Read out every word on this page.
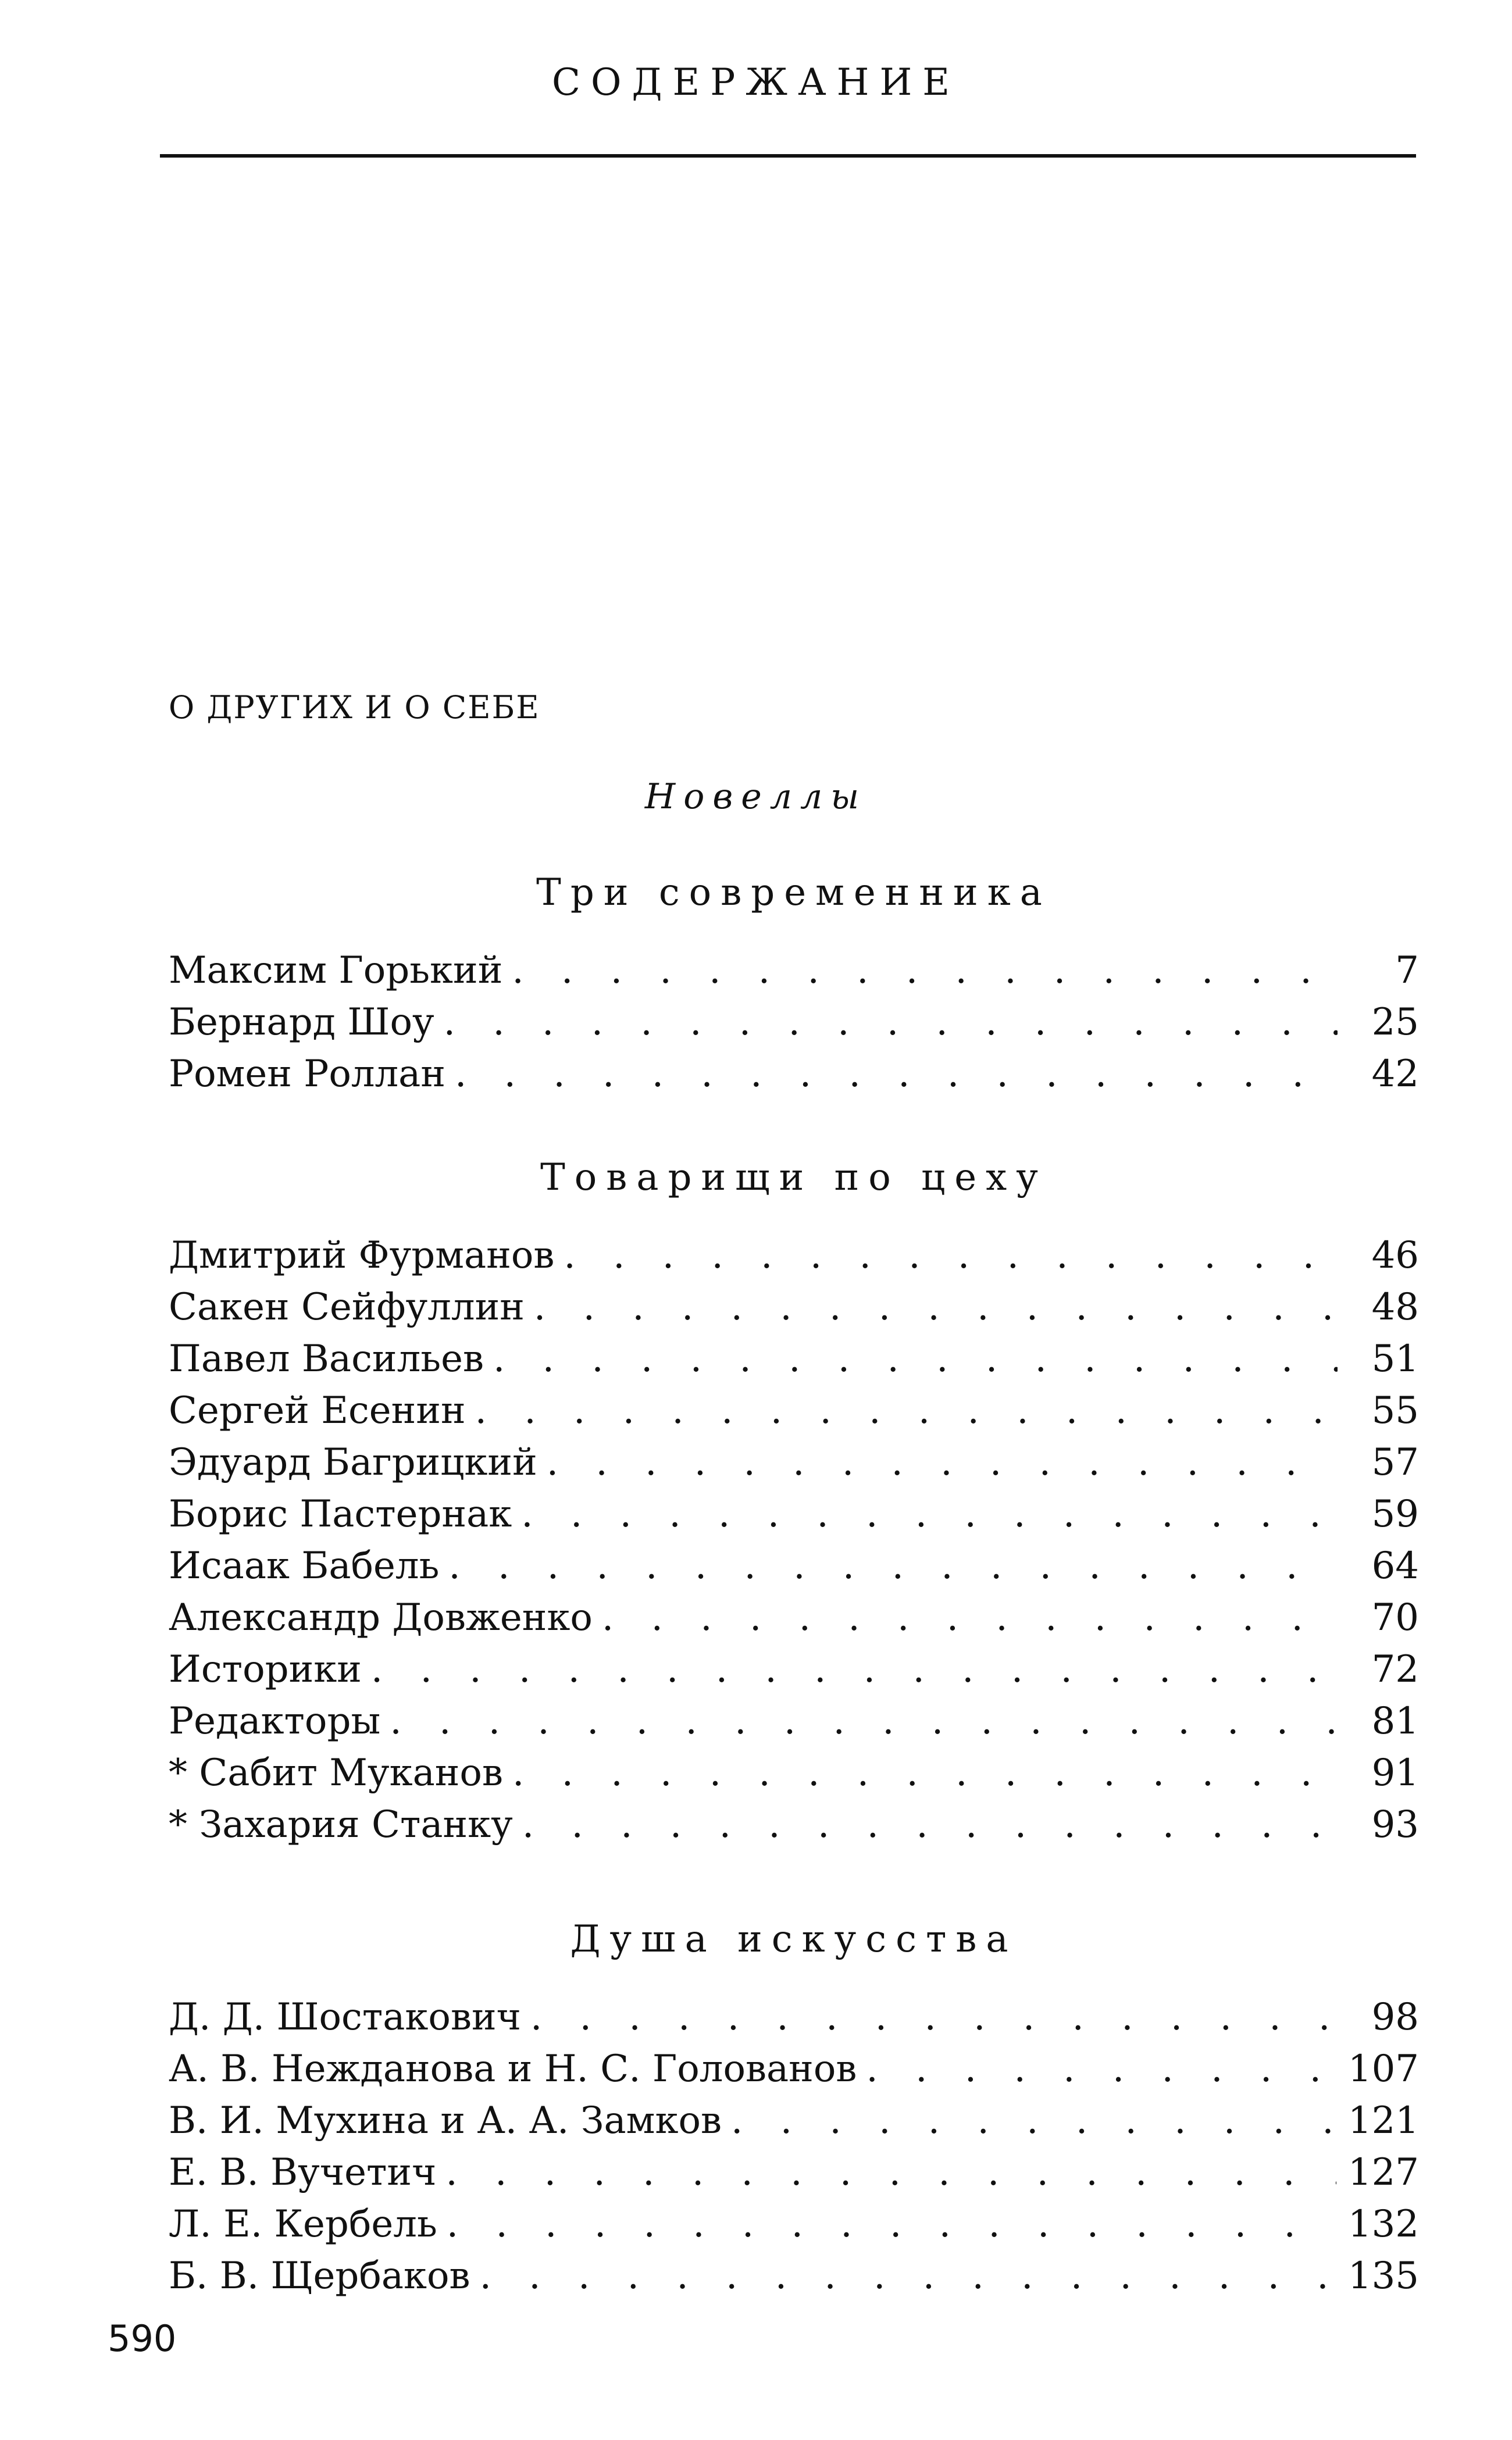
СОДЕРЖАНИЕ
О ДРУГИХ И О СЕБЕ
Новеллы
Три современника
Максим Горький . . .	7
Бернард Шоу . . .	25
Ромен Роллан . . .	42
Товарищи по цеху
Дмитрий Фурманов . . .	46
Сакен Сейфуллин . . .	48
Павел Васильев . . .	51
Сергей Есенин . . .	55
Эдуард Багрицкий . . .	57
Борис Пастернак . . .	59
Исаак Бабель . . .	64
Александр Довженко . . .	70
Историки . . .	72
Редакторы . . .	81
* Сабит Муканов . . .	91
* Захария Станку . . .	93
Душа искусства
Д. Д. Шостакович . . .	98
А. В. Нежданова и Н. С. Голованов . . .	107
В. И. Мухина и А. А. Замков . . .	121
Е. В. Вучетич . . .	127
Л. Е. Кербель . . .	132
Б. В. Щербаков . . .	135
590
